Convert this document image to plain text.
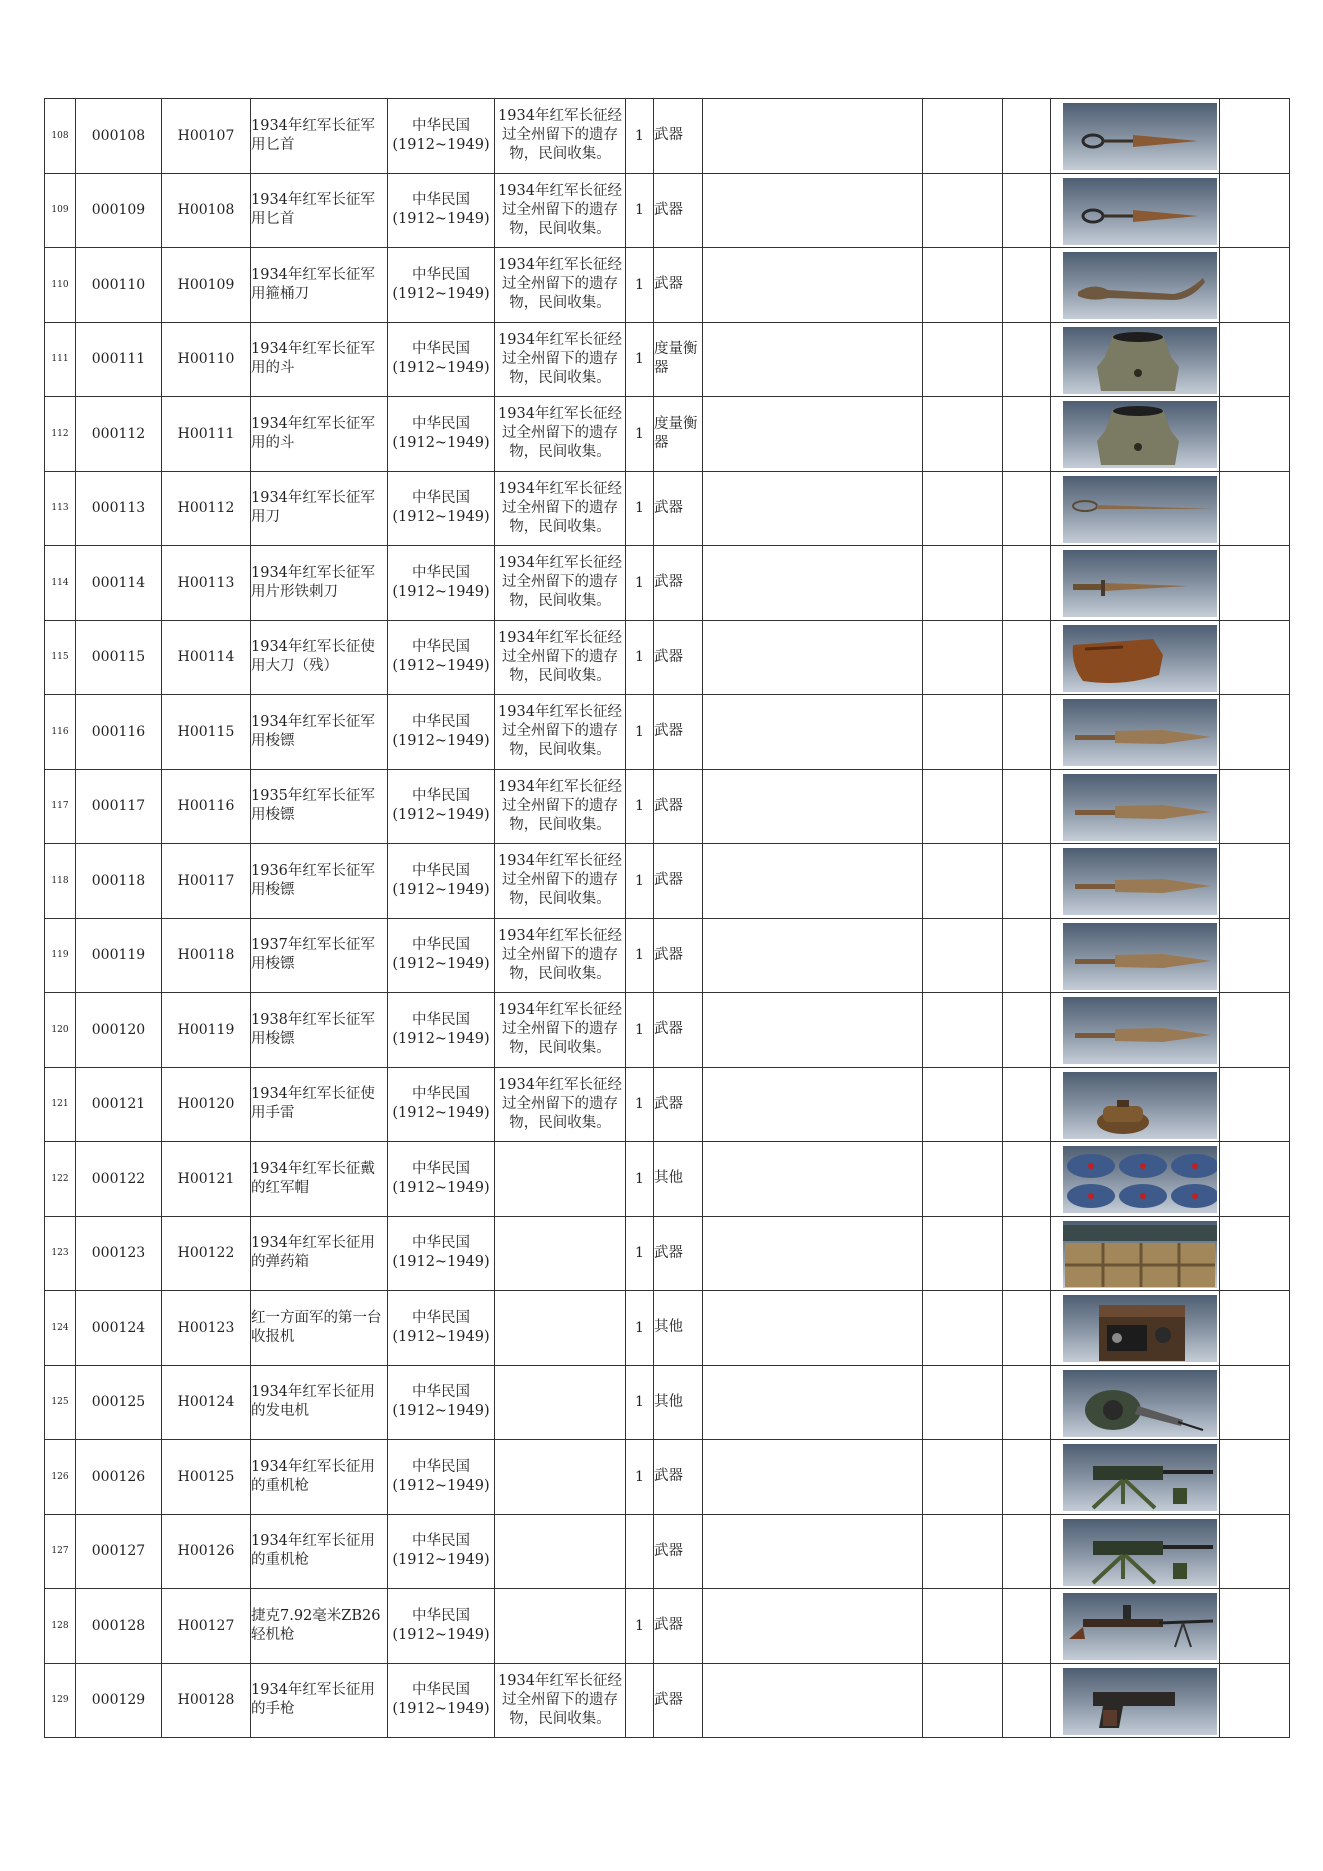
108	000108	H00107	1934年红军长征军用匕首	中华民国 (1912~1949)	1934年红军长征经过全州留下的遗存物，民间收集。	1	武器				

109	000109	H00108	1934年红军长征军用匕首	中华民国 (1912~1949)	1934年红军长征经过全州留下的遗存物，民间收集。	1	武器				

110	000110	H00109	1934年红军长征军用箍桶刀	中华民国 (1912~1949)	1934年红军长征经过全州留下的遗存物，民间收集。	1	武器				

111	000111	H00110	1934年红军长征军用的斗	中华民国 (1912~1949)	1934年红军长征经过全州留下的遗存物，民间收集。	1	度量衡器				

112	000112	H00111	1934年红军长征军用的斗	中华民国 (1912~1949)	1934年红军长征经过全州留下的遗存物，民间收集。	1	度量衡器				

113	000113	H00112	1934年红军长征军用刀	中华民国 (1912~1949)	1934年红军长征经过全州留下的遗存物，民间收集。	1	武器				

114	000114	H00113	1934年红军长征军用片形铁刺刀	中华民国 (1912~1949)	1934年红军长征经过全州留下的遗存物，民间收集。	1	武器				

115	000115	H00114	1934年红军长征使用大刀（残）	中华民国 (1912~1949)	1934年红军长征经过全州留下的遗存物，民间收集。	1	武器				

116	000116	H00115	1934年红军长征军用梭镖	中华民国 (1912~1949)	1934年红军长征经过全州留下的遗存物，民间收集。	1	武器				

117	000117	H00116	1935年红军长征军用梭镖	中华民国 (1912~1949)	1934年红军长征经过全州留下的遗存物，民间收集。	1	武器				

118	000118	H00117	1936年红军长征军用梭镖	中华民国 (1912~1949)	1934年红军长征经过全州留下的遗存物，民间收集。	1	武器				

119	000119	H00118	1937年红军长征军用梭镖	中华民国 (1912~1949)	1934年红军长征经过全州留下的遗存物，民间收集。	1	武器				

120	000120	H00119	1938年红军长征军用梭镖	中华民国 (1912~1949)	1934年红军长征经过全州留下的遗存物，民间收集。	1	武器				

121	000121	H00120	1934年红军长征使用手雷	中华民国 (1912~1949)	1934年红军长征经过全州留下的遗存物，民间收集。	1	武器				

122	000122	H00121	1934年红军长征戴的红军帽	中华民国 (1912~1949)		1	其他				

123	000123	H00122	1934年红军长征用的弹药箱	中华民国 (1912~1949)		1	武器				

124	000124	H00123	红一方面军的第一台收报机	中华民国 (1912~1949)		1	其他				

125	000125	H00124	1934年红军长征用的发电机	中华民国 (1912~1949)		1	其他				

126	000126	H00125	1934年红军长征用的重机枪	中华民国 (1912~1949)		1	武器				

127	000127	H00126	1934年红军长征用的重机枪	中华民国 (1912~1949)			武器				

128	000128	H00127	捷克7.92毫米ZB26轻机枪	中华民国 (1912~1949)		1	武器				

129	000129	H00128	1934年红军长征用的手枪	中华民国 (1912~1949)	1934年红军长征经过全州留下的遗存物，民间收集。		武器				
